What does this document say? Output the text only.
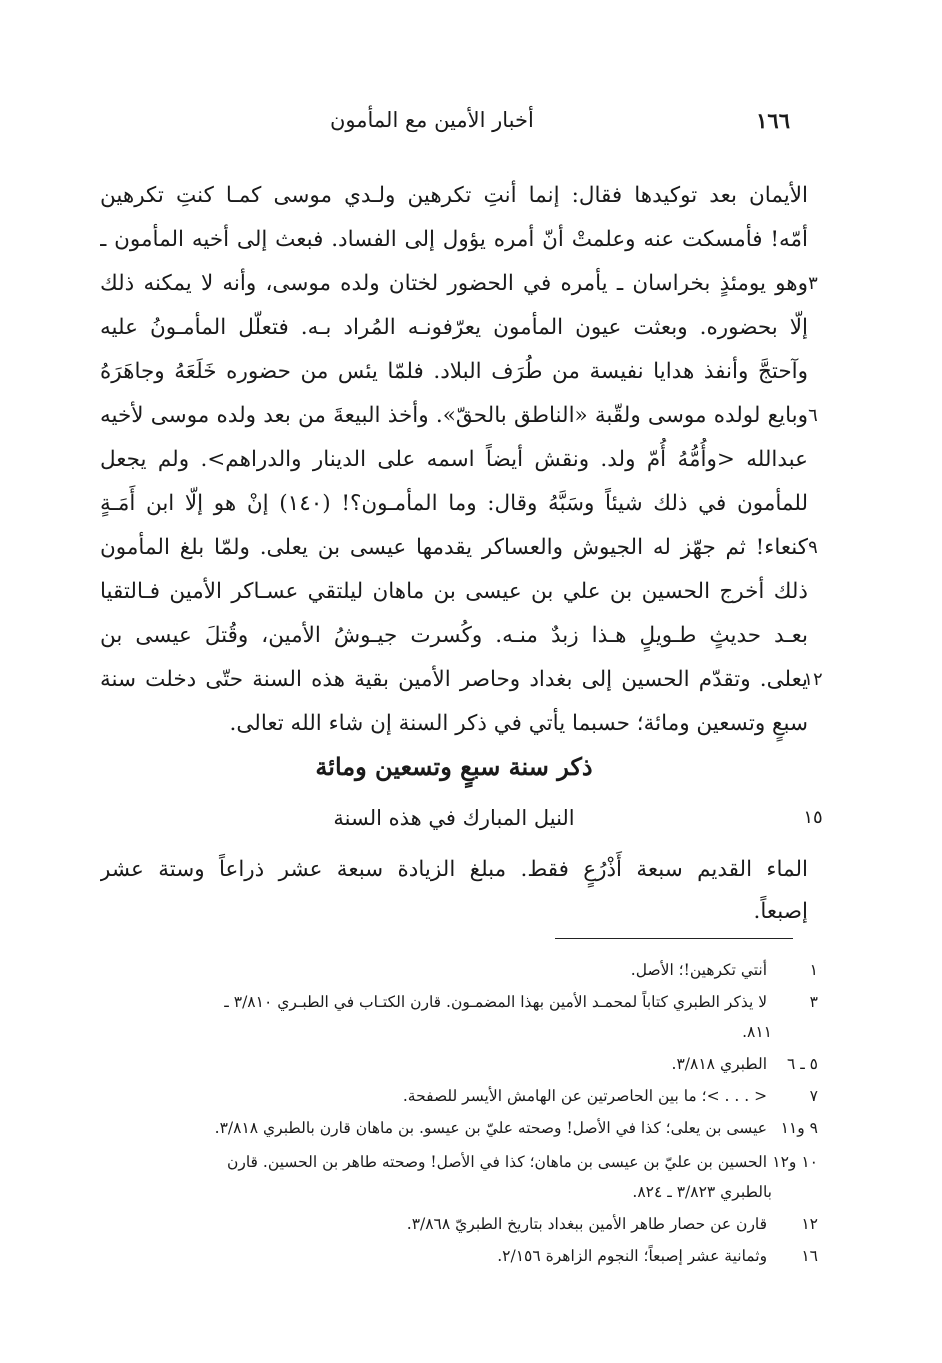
١٦٦
أخبار الأمين مع المأمون
الأيمان بعد توكيدها فقال: إنما أنتِ تكرهين ولـدي موسى كمـا كنتِ تكرهين
أمّه! فأمسكت عنه وعلمتْ أنّ أمره يؤول إلى الفساد. فبعث إلى أخيه المأمون ـ
وهو يومئذٍ بخراسان ـ يأمره في الحضور لختان ولده موسى، وأنه لا يمكنه ذلك ٣
إلّا بحضوره. وبعثت عيون المأمون يعرّفونـه المُراد بـه. فتعلّل المأمـونُ عليه
وآحتجَّ وأنفذ هدايا نفيسة من طُرَف البلاد. فلمّا يئس من حضوره خَلَعَهُ وجاهَرَهُ
وبايع لولده موسى ولقّبة «الناطق بالحقّ». وأخذ البيعةَ من بعد ولده موسى لأخيه ٦
عبدالله <وأُمُّهُ أُمّ ولد. ونقش أيضاً اسمه على الدينار والدراهم>. ولم يجعل
للمأمون في ذلك شيئاً وسَبَّهُ وقال: وما المأمـون؟! (١٤٠) إنْ هو إلّا ابن أَمَـةٍ
كنعاء! ثم جهّز له الجيوش والعساكر يقدمها عيسى بن يعلى. ولمّا بلغ المأمون ٩
ذلك أخرج الحسين بن علي بن عيسى بن ماهان ليلتقي عسـاكر الأمين فـالتقيا
بعـد حديثٍ طـويلٍ هـذا زبدٌ منـه. وكُسرت جيـوشُ الأمين، وقُتلَ عيسى بن
يعلى. وتقدّم الحسين إلى بغداد وحاصر الأمين بقية هذه السنة حتّى دخلت سنة
١٢
سبعٍ وتسعين ومائة؛ حسبما يأتي في ذكر السنة إن شاء الله تعالى.
ذكر سنة سبعٍ وتسعين ومائة
النيل المبارك في هذه السنة	١٥
الماء القديم سبعة أَذْرُعٍ فقط. مبلغ الزيادة سبعة عشر ذراعاً وستة عشر
إصبعاً.
١ أنتي تكرهين!؛ الأصل.
٣ لا يذكر الطبري كتاباً لمحمـد الأمين بهذا المضمـون. قارن الكتـاب في الطبـري ٣/٨١٠ ـ
٨١١.
٥ ـ ٦ الطبري ٣/٨١٨.
٧ < . . . >؛ ما بين الحاصرتين عن الهامش الأيسر للصفحة.
٩ و١١ عيسى بن يعلى؛ كذا في الأصل! وصحته عليّ بن عيسو. بن ماهان قارن بالطبري ٣/٨١٨.
١٠ و١٢ الحسين بن عليّ بن عيسى بن ماهان؛ كذا في الأصل! وصحته طاهر بن الحسين. قارن
بالطبري ٣/٨٢٣ ـ ٨٢٤.
١٢ قارن عن حصار طاهر الأمين ببغداد بتاريخ الطبريّ ٣/٨٦٨.
١٦ وثمانية عشر إصبعاً؛ النجوم الزاهرة ٢/١٥٦.
